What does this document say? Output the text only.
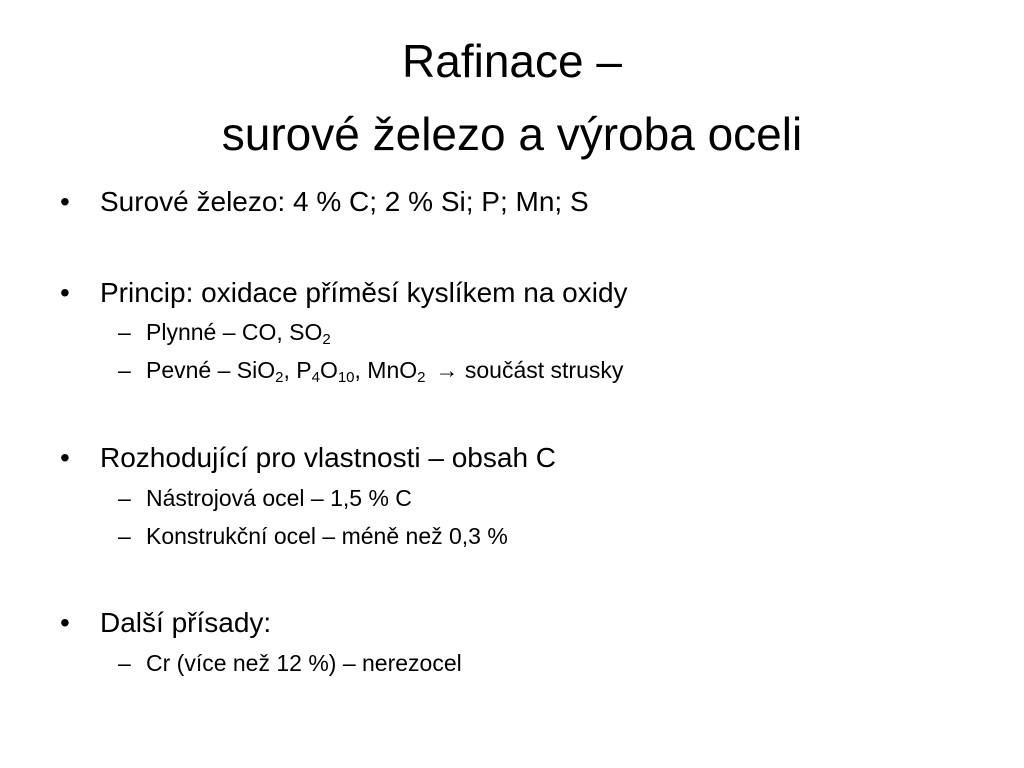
Rafinace –
surové železo a výroba oceli
• Surové železo: 4 % C; 2 % Si; P; Mn; S
• Princip: oxidace příměsí kyslíkem na oxidy
– Plynné – CO, $SO_2$
– Pevné – SiO$_2$, $P_4O_{10}$, MnO$_2$ → součást strusky
• Rozhodující pro vlastnosti – obsah C
– Nástrojová ocel – 1,5 % C
– Konstrukční ocel – méně než 0,3 %
• Další přísady:
– Cr (více než 12 %) – nerezocel
